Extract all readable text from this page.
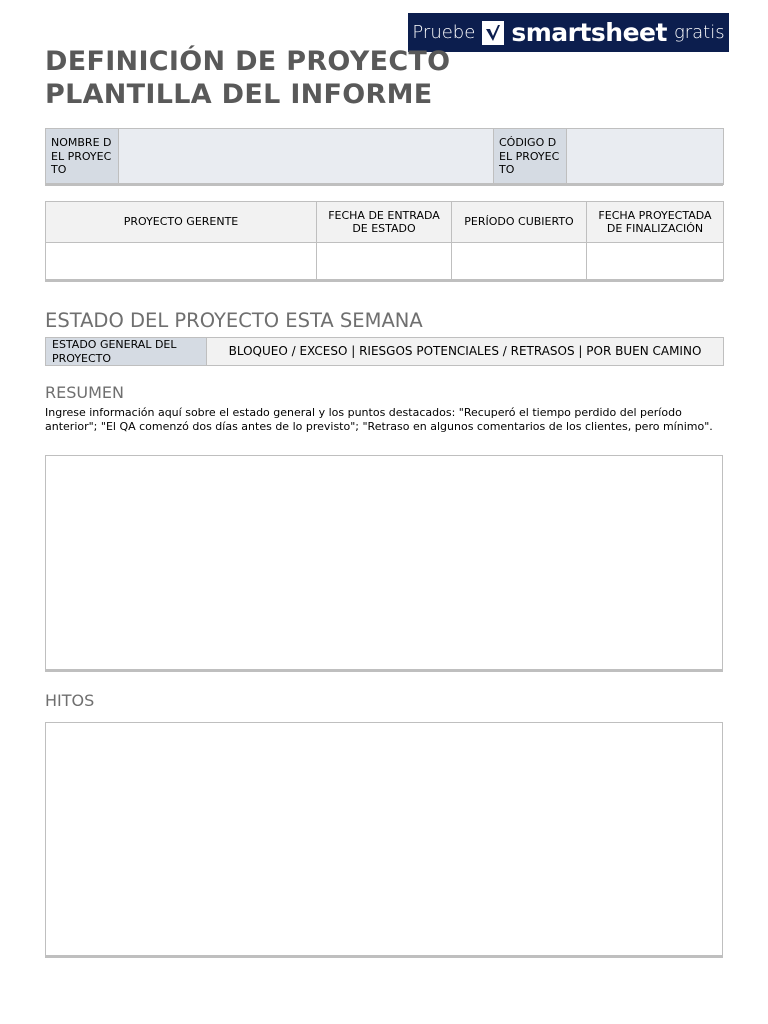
Pruebe smartsheet gratis
DEFINICIÓN DE PROYECTO
PLANTILLA DEL INFORME
NOMBRE DEL PROYECTO		CÓDIGO DEL PROYECTO	
PROYECTO GERENTE	FECHA DE ENTRADA DE ESTADO	PERÍODO CUBIERTO	FECHA PROYECTADA DE FINALIZACIÓN

ESTADO DEL PROYECTO ESTA SEMANA
ESTADO GENERAL DEL PROYECTO	BLOQUEO / EXCESO | RIESGOS POTENCIALES / RETRASOS | POR BUEN CAMINO
RESUMEN
Ingrese información aquí sobre el estado general y los puntos destacados: "Recuperó el tiempo perdido del período anterior"; "El QA comenzó dos días antes de lo previsto"; "Retraso en algunos comentarios de los clientes, pero mínimo".
HITOS
